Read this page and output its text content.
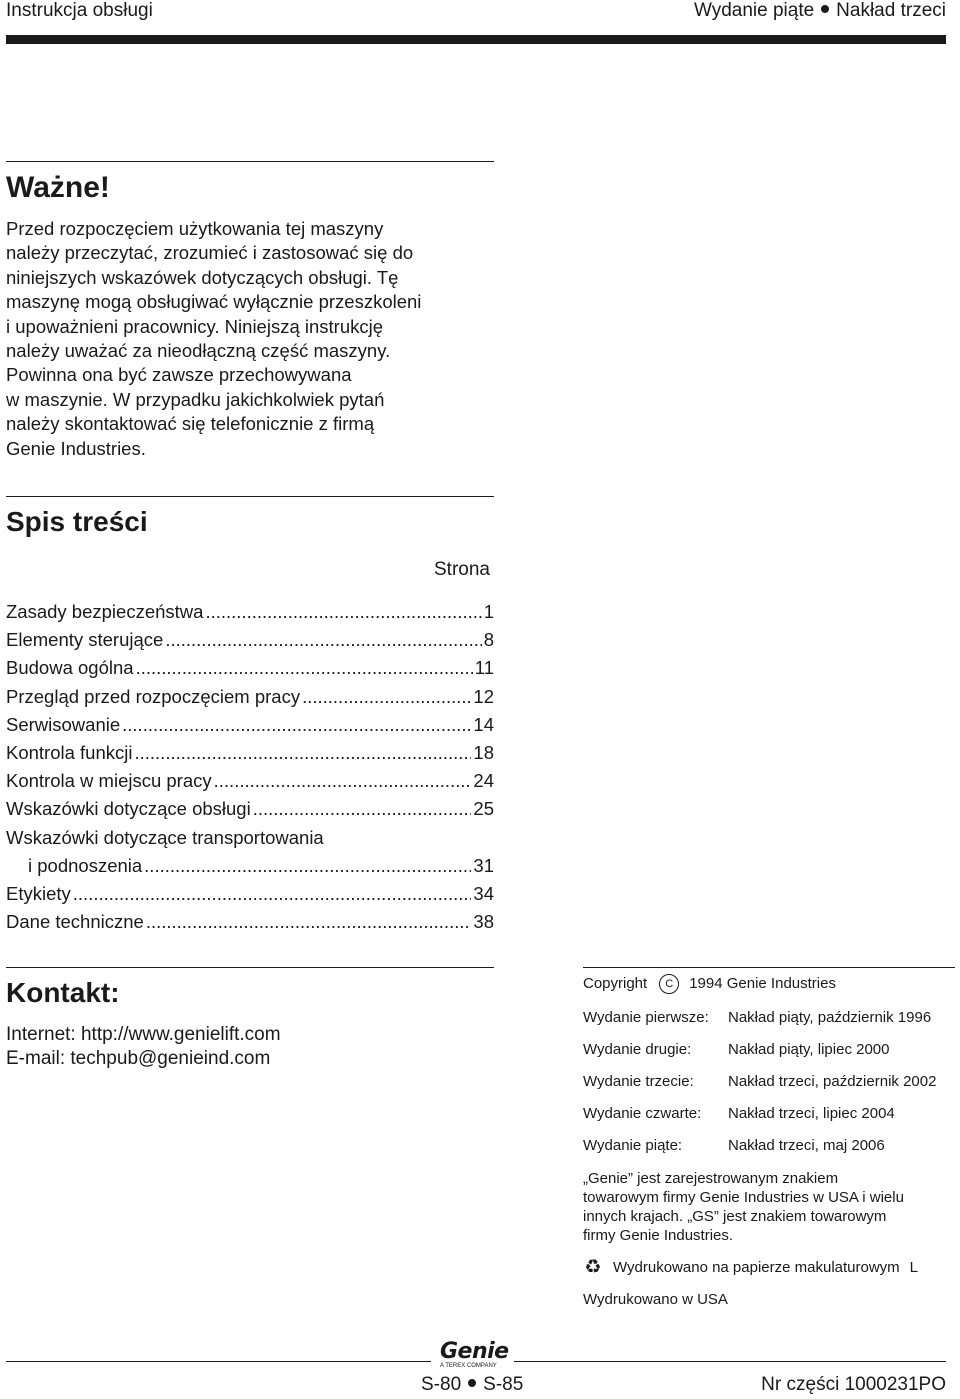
Instrukcja obsługi	Wydanie piąte Nakład trzeci
Ważne!
Przed rozpoczęciem użytkowania tej maszyny
należy przeczytać, zrozumieć i zastosować się do
niniejszych wskazówek dotyczących obsługi. Tę
maszynę mogą obsługiwać wyłącznie przeszkoleni
i upoważnieni pracownicy. Niniejszą instrukcję
należy uważać za nieodłączną część maszyny.
Powinna ona być zawsze przechowywana
w maszynie. W przypadku jakichkolwiek pytań
należy skontaktować się telefonicznie z firmą
Genie Industries.
Spis treści
Strona
Zasady bezpieczeństwa .....	1
Elementy sterujące .....	8
Budowa ogólna .....	11
Przegląd przed rozpoczęciem pracy .....	12
Serwisowanie .....	14
Kontrola funkcji .....	18
Kontrola w miejscu pracy .....	24
Wskazówki dotyczące obsługi .....	25
Wskazówki dotyczące transportowania
i podnoszenia .....	31
Etykiety .....	34
Dane techniczne .....	38
Kontakt:
Internet: http://www.genielift.com
E-mail: techpub@genieind.com
Copyright	C	1994 Genie Industries
Wydanie pierwsze:	Nakład piąty, październik 1996
Wydanie drugie:	Nakład piąty, lipiec 2000
Wydanie trzecie:	Nakład trzeci, październik 2002
Wydanie czwarte:	Nakład trzeci, lipiec 2004
Wydanie piąte:	Nakład trzeci, maj 2006
„Genie” jest zarejestrowanym znakiem
towarowym firmy Genie Industries w USA i wielu
innych krajach. „GS” jest znakiem towarowym
firmy Genie Industries.
♻ Wydrukowano na papierze makulaturowym L
Wydrukowano w USA
Genie
A TEREX COMPANY
S-80 S-85	Nr części 1000231PO
